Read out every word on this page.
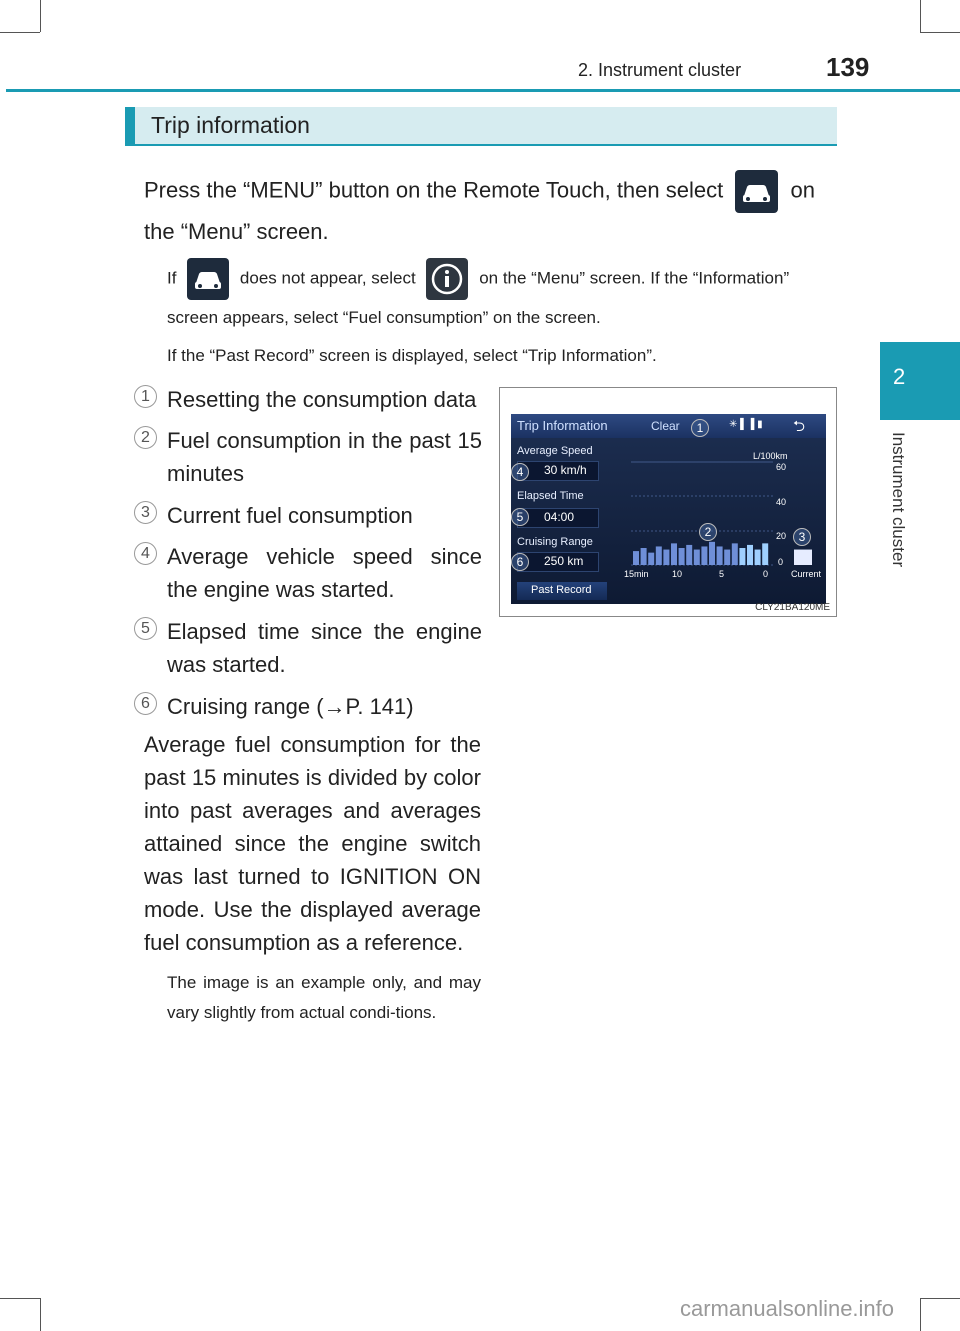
2. Instrument cluster	139
2
Instrument cluster
Trip information
Press the “MENU” button on the Remote Touch, then select	on the “Menu” screen.
If	does not appear, select	on the “Menu” screen. If the “Information” screen appears, select “Fuel consumption” on the screen.
If the “Past Record” screen is displayed, select “Trip Information”.
1 Resetting the consumption data
2 Fuel consumption in the past 15 minutes
3 Current fuel consumption
4 Average vehicle speed since the engine was started.
5 Elapsed time since the engine was started.
6 Cruising range (→P. 141)
Average fuel consumption for the past 15 minutes is divided by color into past averages and averages attained since the engine switch was last turned to IGNITION ON mode. Use the displayed average fuel consumption as a reference.
The image is an example only, and may vary slightly from actual condi-tions.
Trip Information	Clear	✳ ▌▐ ▮ ⮌
Average Speed
30 km/h
Elapsed Time
04:00
Cruising Range
250 km
Past Record
L/100km
60
40
20
0
15min	10	5	0	Current
1
2	3
4
5
6
CLY21BA120ME
carmanualsonline.info
